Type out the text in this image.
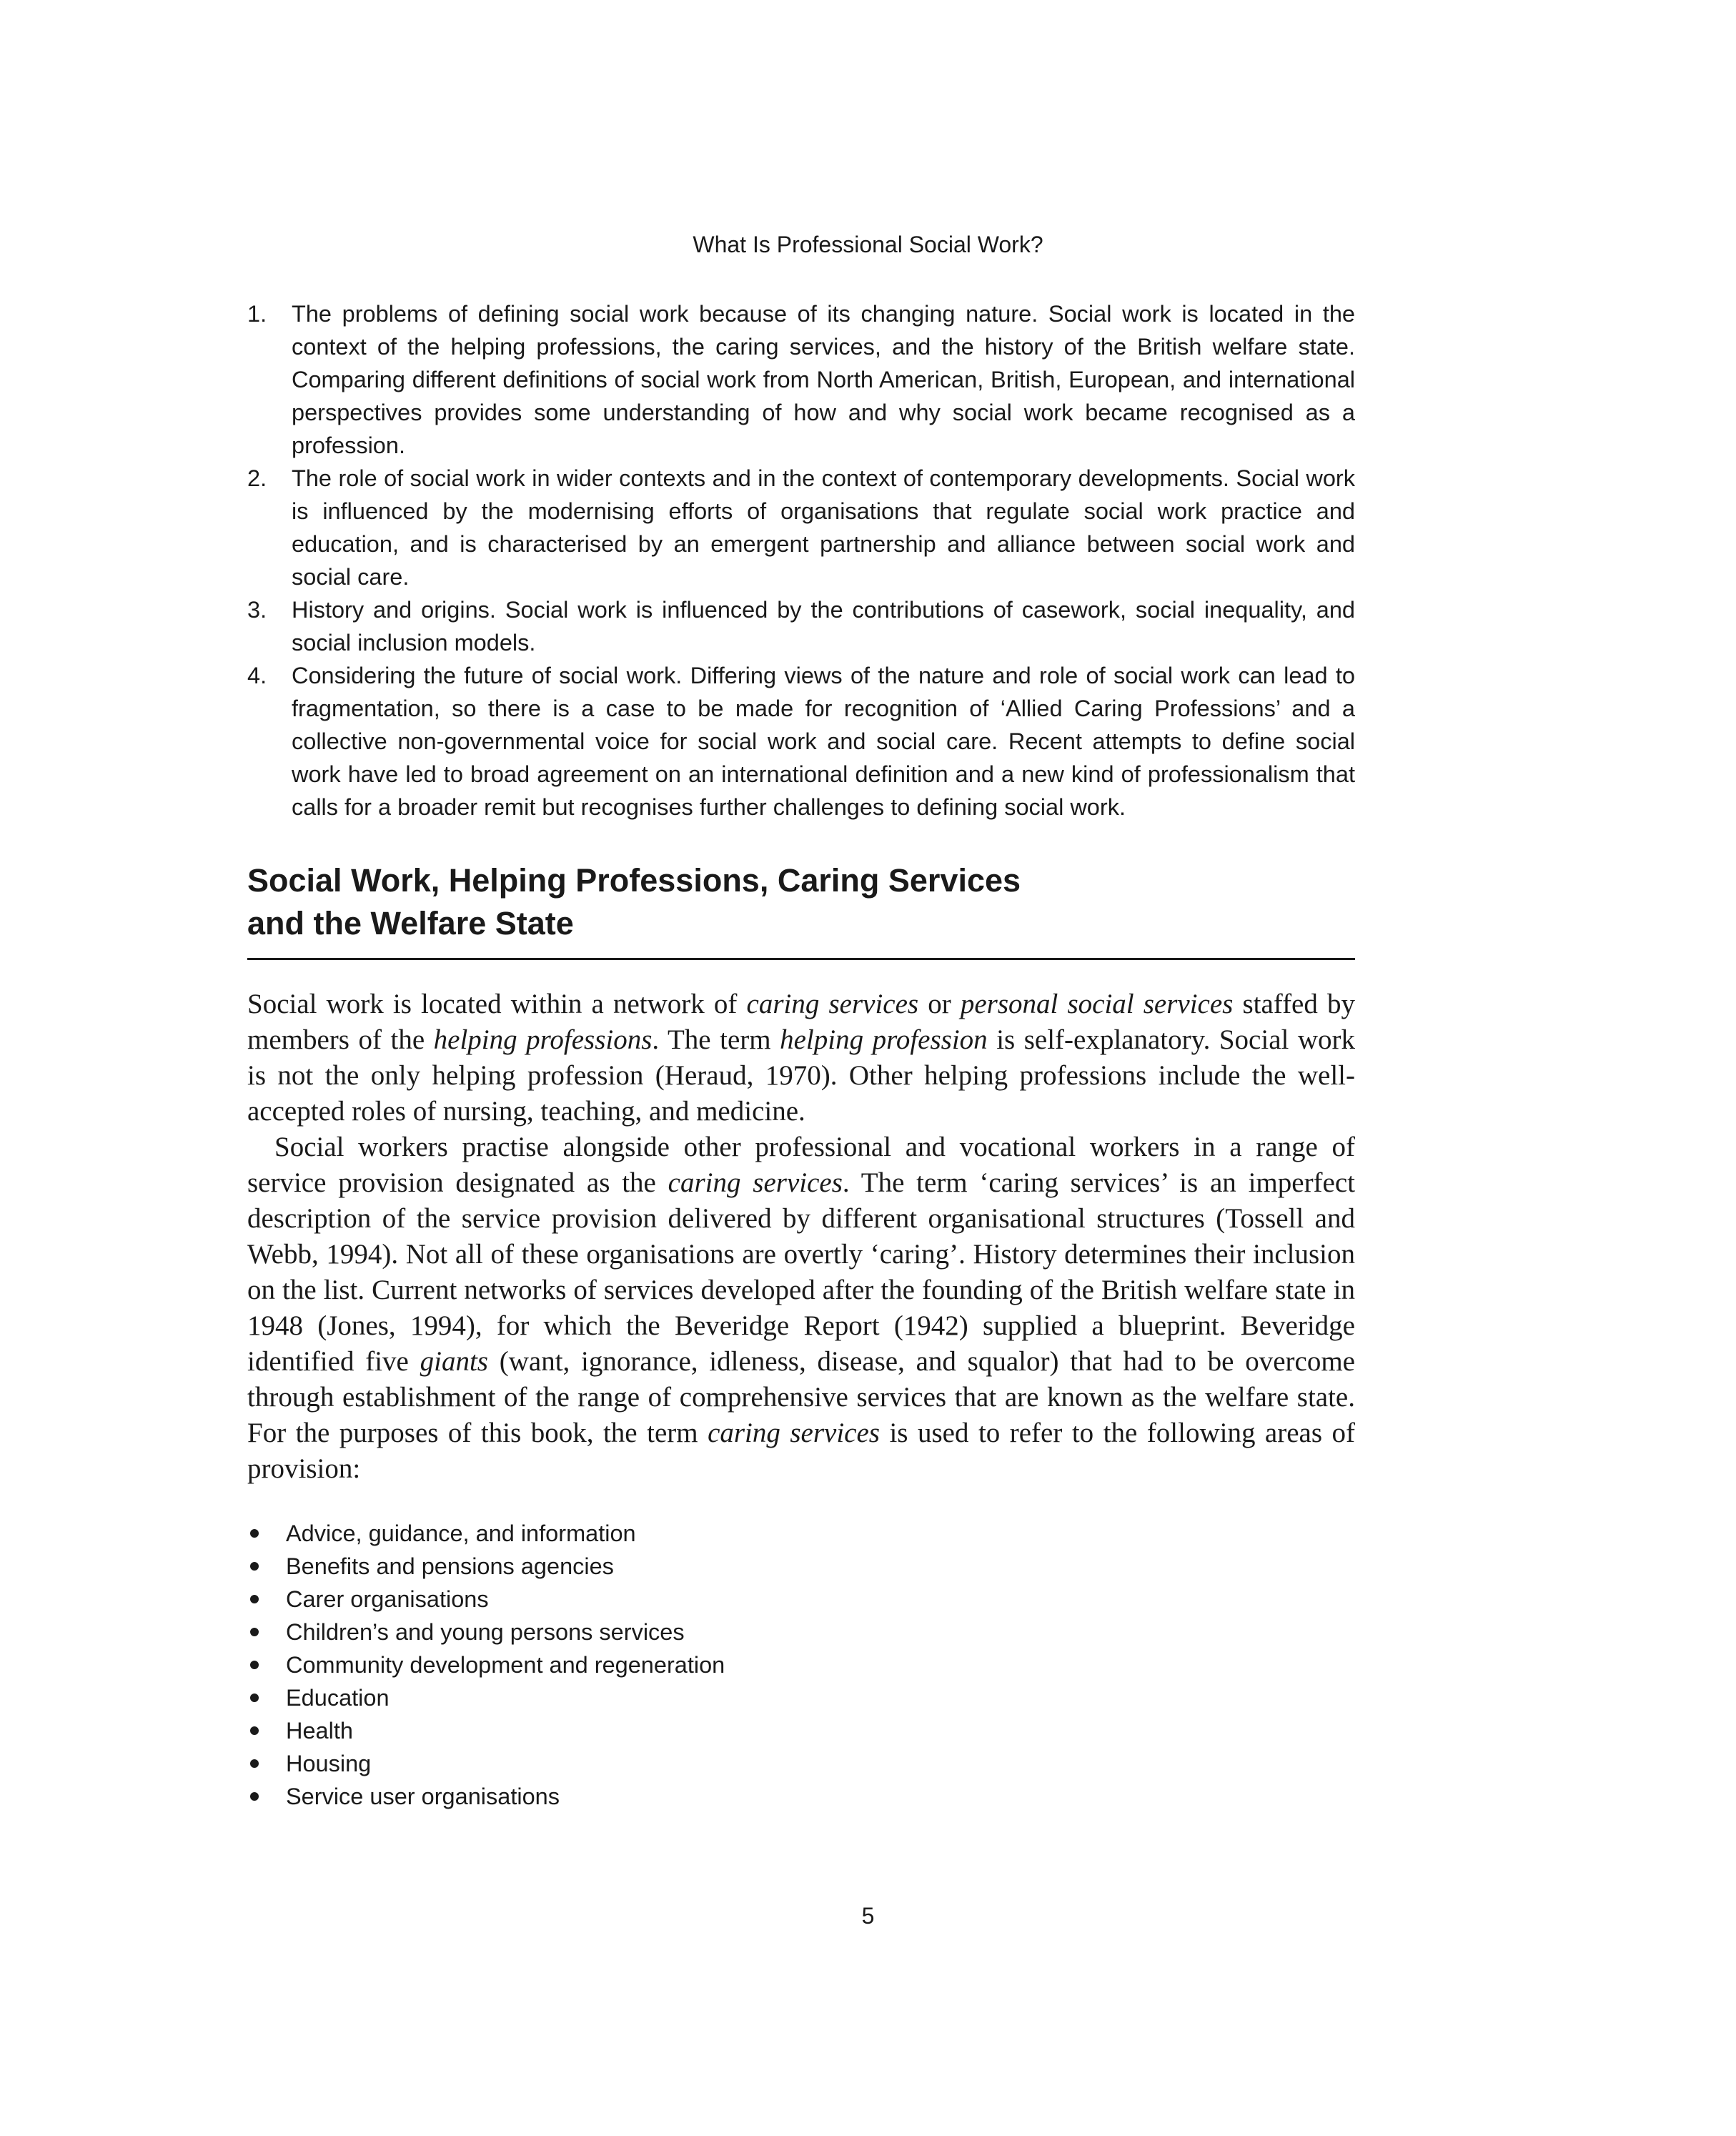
What Is Professional Social Work?
1. The problems of defining social work because of its changing nature. Social work is located in the context of the helping professions, the caring services, and the history of the British welfare state. Comparing different definitions of social work from North American, British, European, and international perspectives provides some understanding of how and why social work became recognised as a profession.
2. The role of social work in wider contexts and in the context of contemporary developments. Social work is influenced by the modernising efforts of organisations that regulate social work practice and education, and is characterised by an emergent partnership and alliance between social work and social care.
3. History and origins. Social work is influenced by the contributions of casework, social inequality, and social inclusion models.
4. Considering the future of social work. Differing views of the nature and role of social work can lead to fragmentation, so there is a case to be made for recognition of ‘Allied Caring Professions’ and a collective non-governmental voice for social work and social care. Recent attempts to define social work have led to broad agreement on an international definition and a new kind of professionalism that calls for a broader remit but recognises further challenges to defining social work.
Social Work, Helping Professions, Caring Services
and the Welfare State

Social work is located within a network of caring services or personal social services staffed by members of the helping professions. The term helping profession is self-explanatory. Social work is not the only helping profession (Heraud, 1970). Other helping professions include the well-accepted roles of nursing, teaching, and medicine.

Social workers practise alongside other professional and vocational workers in a range of service provision designated as the caring services. The term ‘caring services’ is an imperfect description of the service provision delivered by different organisational structures (Tossell and Webb, 1994). Not all of these organisations are overtly ‘caring’. History determines their inclusion on the list. Current networks of services developed after the founding of the British welfare state in 1948 (Jones, 1994), for which the Beveridge Report (1942) supplied a blueprint. Beveridge identified five giants (want, ignorance, idleness, disease, and squalor) that had to be overcome through establishment of the range of comprehensive services that are known as the welfare state. For the purposes of this book, the term caring services is used to refer to the following areas of provision:

Advice, guidance, and information
Benefits and pensions agencies
Carer organisations
Children’s and young persons services
Community development and regeneration
Education
Health
Housing
Service user organisations
5
